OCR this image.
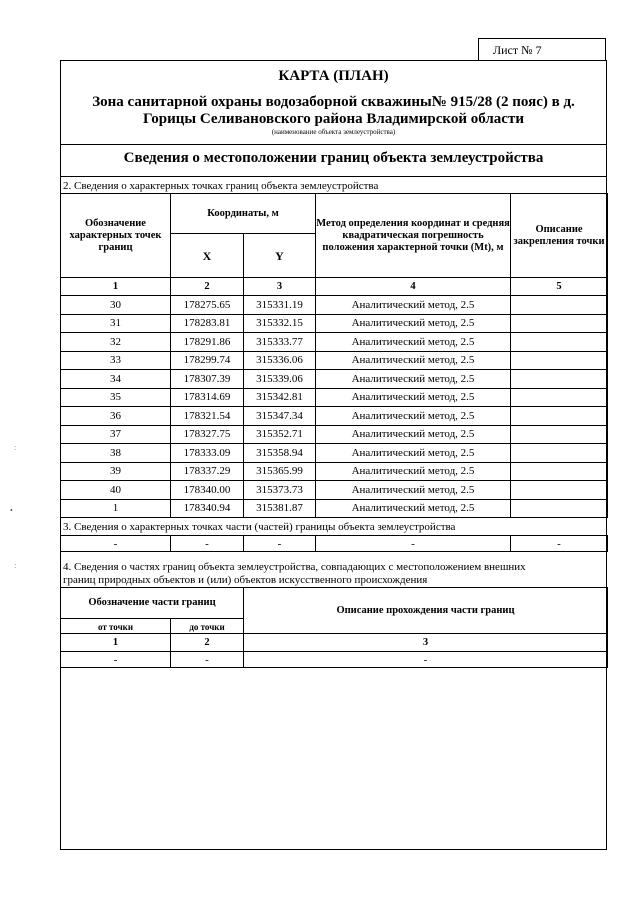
Лист № 7
КАРТА (ПЛАН)
Зона санитарной охраны водозаборной скважины№ 915/28 (2 пояс) в д.
Горицы Селивановского района Владимирской области
(наименование объекта землеустройства)
Сведения о местоположении границ объекта землеустройства
2. Сведения о характерных точках границ объекта землеустройства
Обозначение характерных точек границ	Координаты, м		Метод определения координат и средняя квадратическая погрешность положения характерной точки (Mt), м	Описание закрепления точки
	X	Y		
1	2	3	4	5
30	178275.65	315331.19	Аналитический метод, 2.5	
31	178283.81	315332.15	Аналитический метод, 2.5	
32	178291.86	315333.77	Аналитический метод, 2.5	
33	178299.74	315336.06	Аналитический метод, 2.5	
34	178307.39	315339.06	Аналитический метод, 2.5	
35	178314.69	315342.81	Аналитический метод, 2.5	
36	178321.54	315347.34	Аналитический метод, 2.5	
37	178327.75	315352.71	Аналитический метод, 2.5	
38	178333.09	315358.94	Аналитический метод, 2.5	
39	178337.29	315365.99	Аналитический метод, 2.5	
40	178340.00	315373.73	Аналитический метод, 2.5	
1	178340.94	315381.87	Аналитический метод, 2.5	
3. Сведения о характерных точках части (частей) границы объекта землеустройства
-	-	-	-	-
4. Сведения о частях границ объекта землеустройства, совпадающих с местоположением внешних
границ природных объектов и (или) объектов искусственного происхождения
Обозначение части границ		Описание прохождения части границ

от точки	до точки	

1	2	3
-	-	-
ː
•
ː
